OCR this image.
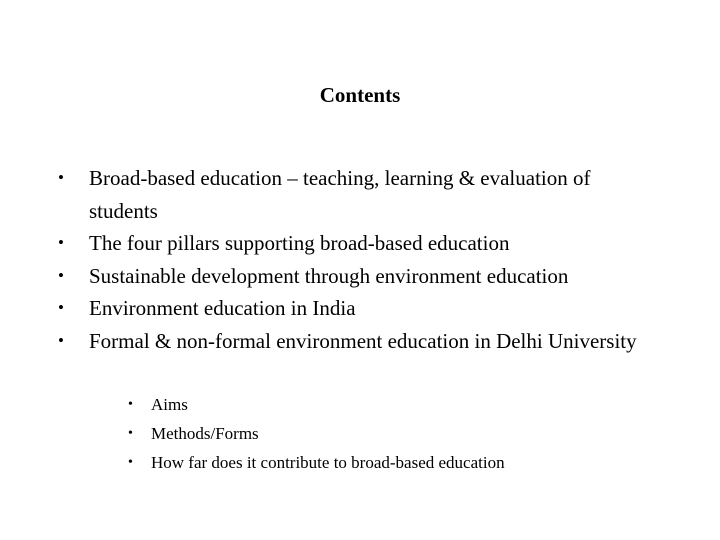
Contents
• Broad-based education – teaching, learning & evaluation of students
• The four pillars supporting broad-based education
• Sustainable development through environment education
• Environment education in India
• Formal & non-formal environment education in Delhi University
• Aims
• Methods/Forms
• How far does it contribute to broad-based education
